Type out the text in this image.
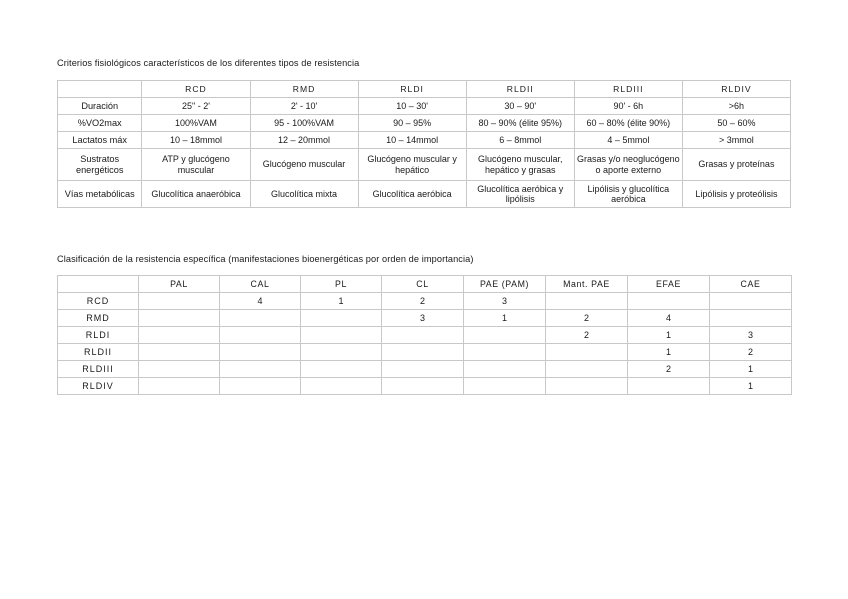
Criterios fisiológicos característicos de los diferentes tipos de resistencia
	RCD	RMD	RLDI	RLDII	RLDIII	RLDIV
Duración	25" - 2'	2' - 10'	10 – 30'	30 – 90'	90' - 6h	>6h
%VO2max	100%VAM	95 - 100%VAM	90 – 95%	80 – 90% (élite 95%)	60 – 80% (élite 90%)	50 – 60%
Lactatos máx	10 – 18mmol	12 – 20mmol	10 – 14mmol	6 – 8mmol	4 – 5mmol	> 3mmol
Sustratos energéticos	ATP y glucógeno muscular	Glucógeno muscular	Glucógeno muscular y hepático	Glucógeno muscular, hepático y grasas	Grasas y/o neoglucógeno o aporte externo	Grasas y proteínas
Vías metabólicas	Glucolítica anaeróbica	Glucolítica mixta	Glucolítica aeróbica	Glucolítica aeróbica y lipólisis	Lipólisis y glucolítica aeróbica	Lipólisis y proteólisis
Clasificación de la resistencia específica (manifestaciones bioenergéticas por orden de importancia)
	PAL	CAL	PL	CL	PAE (PAM)	Mant. PAE	EFAE	CAE
RCD		4	1	2	3			
RMD				3	1	2	4	
RLDI						2	1	3
RLDII							1	2
RLDIII							2	1
RLDIV								1
